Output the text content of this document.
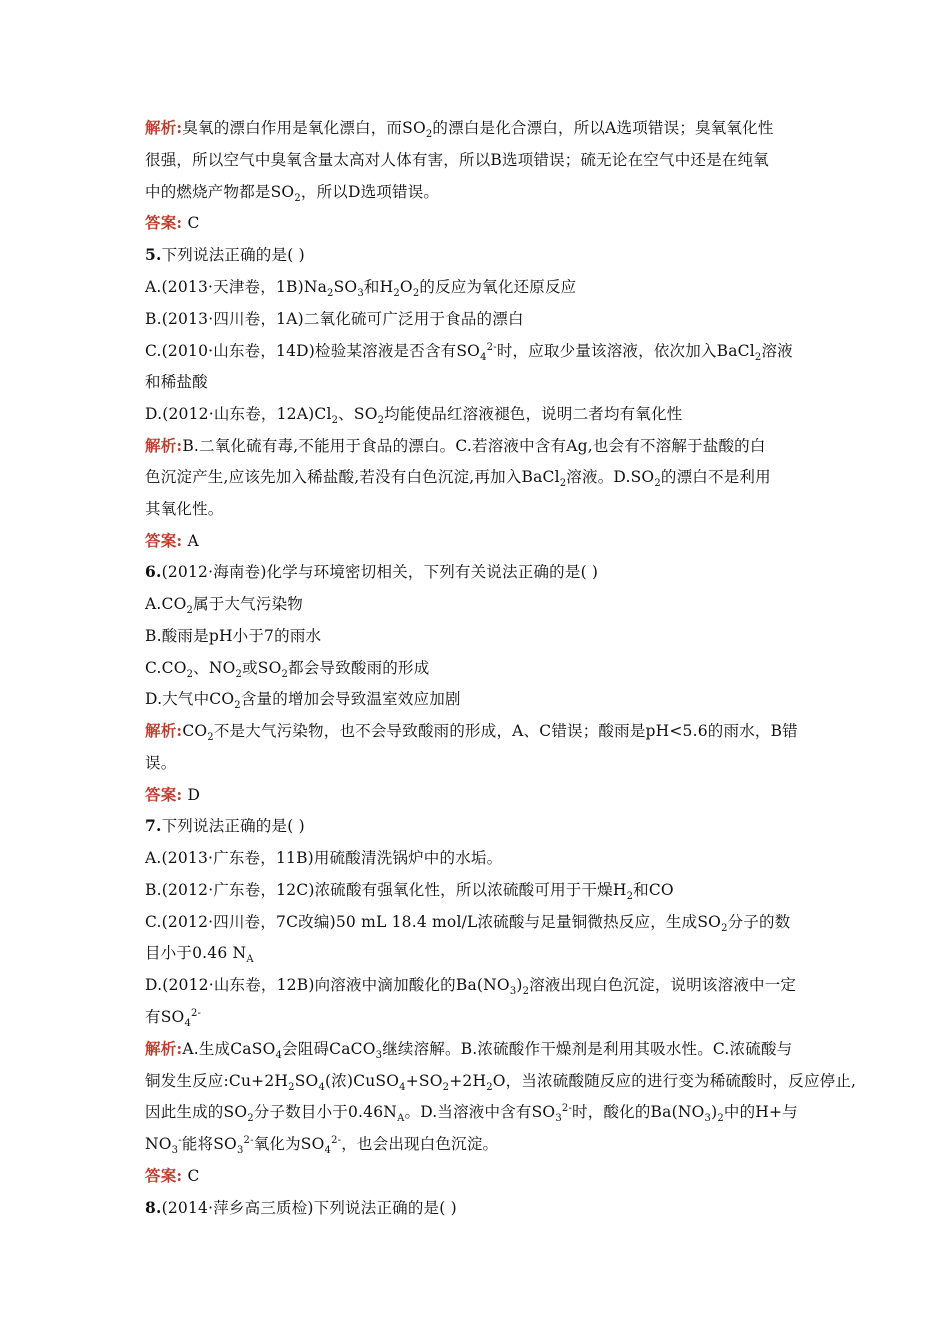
解析:臭氧的漂白作用是氧化漂白，而$SO_2$的漂白是化合漂白，所以A选项错误；臭氧氧化性
很强，所以空气中臭氧含量太高对人体有害，所以B选项错误；硫无论在空气中还是在纯氧
中的燃烧产物都是$SO_2$，所以D选项错误。
答案: C
5.下列说法正确的是( )
A.(2013·天津卷，$1B)Na_2SO_3$和$H_2O_2$的反应为氧化还原反应
B.(2013·四川卷，1A)二氧化硫可广泛用于食品的漂白
C.(2010·山东卷，14D)检验某溶液是否含有$SO_4^{2-}$时，应取少量该溶液，依次加入BaCl$_2$溶液
和稀盐酸
D.(2012·山东卷，$12A)Cl_2$、$SO_2$均能使品红溶液褪色，说明二者均有氧化性
解析:B.二氧化硫有毒,不能用于食品的漂白。C.若溶液中含有Ag,也会有不溶解于盐酸的白
色沉淀产生,应该先加入稀盐酸,若没有白色沉淀,再加入BaCl$_2$溶液。$D.SO_2$的漂白不是利用
其氧化性。
答案: A
6.(2012·海南卷)化学与环境密切相关，下列有关说法正确的是( )
$A.CO_2$属于大气污染物
B.酸雨是pH小于7的雨水
$C.CO_2$、$NO_2$或$SO_2$都会导致酸雨的形成
D.大气中$CO_2$含量的增加会导致温室效应加剧
解析$:CO_2$不是大气污染物，也不会导致酸雨的形成，A、C错误；酸雨是pH<5.6的雨水，B错
误。
答案: D
7.下列说法正确的是( )
A.(2013·广东卷，11B)用硫酸清洗锅炉中的水垢。
B.(2012·广东卷，12C)浓硫酸有强氧化性，所以浓硫酸可用于干燥$H_2$和CO
C.(2012·四川卷，7C改编)50 mL 18.4 mol/L浓硫酸与足量铜微热反应，生成$SO_2$分子的数
目小于0.46 $N_A$
D.(2012·山东卷，12B)向溶液中滴加酸化的$Ba(NO_3)_2$溶液出现白色沉淀，说明该溶液中一定
有$SO_4^{2-}$
解析:A.生成CaSO$_4$会阻碍CaCO$_3$继续溶解。B.浓硫酸作干燥剂是利用其吸水性。C.浓硫酸与
铜发生反应$:Cu+2H_2SO_4$(浓)$CuSO_4+SO_2+2H_2O$，当浓硫酸随反应的进行变为稀硫酸时，反应停止,
因此生成的$SO_2$分子数目小于$0.46N_A$。D.当溶液中含有$SO_3^{2-}$时，酸化的$Ba(NO_3)_2$中的H+与
$NO_3^-$能将$SO_3^{2-}$氧化为$SO_4^{2-}$，也会出现白色沉淀。
答案: C
8.(2014·萍乡高三质检)下列说法正确的是( )
